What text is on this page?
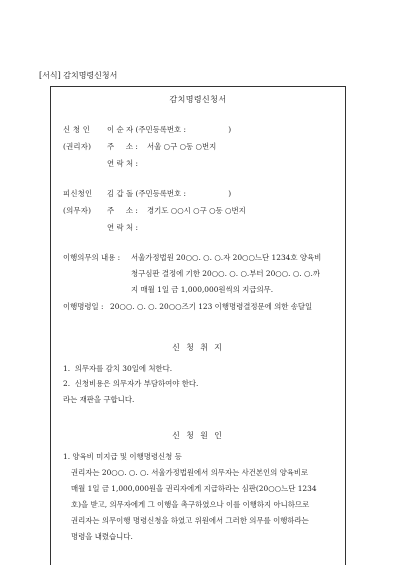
[서식] 감치명령신청서
감치명령신청서
신 청 인 이 순 자 (주민등록번호 :                  )
(권리자) 주     소 : 서울 ○구 ○동 ○번지
연 락 처 :
피신청인 김 갑 돌 (주민등록번호 :                  )
(의무자) 주     소 : 경기도 ○○시 ○구 ○동 ○번지
연 락 처 :
이행의무의 내용 : 서울가정법원 20○○. ○. ○.자 20○○느단 1234호 양육비
청구심판 결정에 기한 20○○. ○. ○.부터 20○○. ○. ○.까
지 매월 1일 금 1,000,000원씩의 지급의무.
이행명령일 : 20○○. ○. ○. 20○○즈기 123 이행명령결정문에 의한 송달일
신 청 취 지
1.  의무자를 감치 30일에 처한다.
2.  신청비용은 의무자가 부담하여야 한다.
라는 재판을 구합니다.
신 청 원 인
1. 양육비 미지급 및 이행명령신청 등
권리자는 20○○. ○. ○. 서울가정법원에서 의무자는 사건본인의 양육비로
매월 1일 금 1,000,000원을 권리자에게 지급하라는 심판(20○○느단 1234
호)을 받고, 의무자에게 그 이행을 촉구하였으나 이를 이행하지 아니하므로
권리자는 의무이행 명령신청을 하였고 위원에서 그러한 의무를 이행하라는
명령을 내렸습니다.
